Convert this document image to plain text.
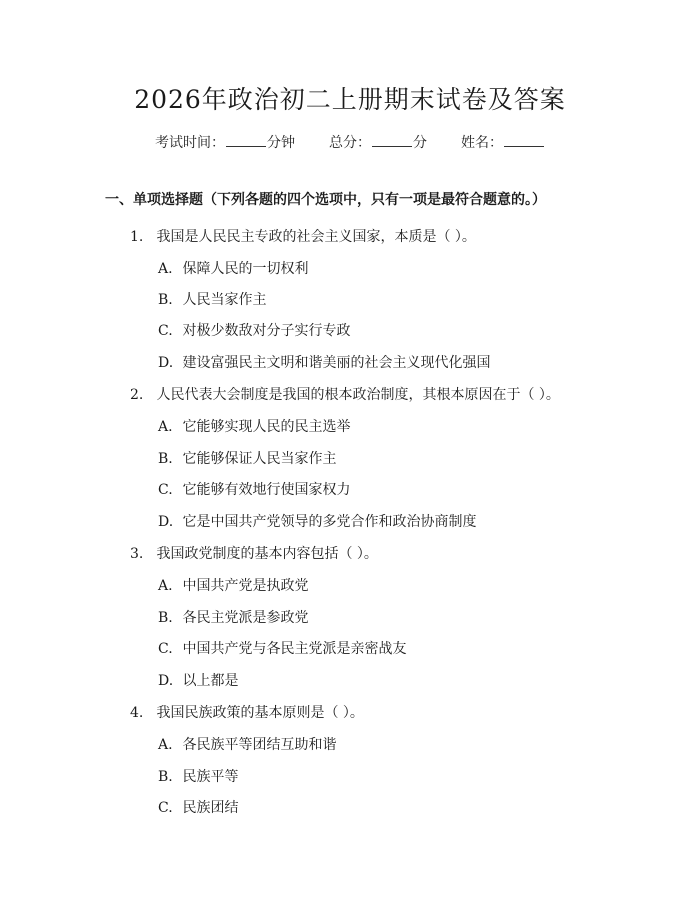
2026年政治初二上册期末试卷及答案
考试时间：	分钟 总分：	分 姓名：
一、单项选择题（下列各题的四个选项中，只有一项是最符合题意的。）
1. 我国是人民民主专政的社会主义国家，本质是（ ）。
A. 保障人民的一切权利
B. 人民当家作主
C. 对极少数敌对分子实行专政
D. 建设富强民主文明和谐美丽的社会主义现代化强国
2. 人民代表大会制度是我国的根本政治制度，其根本原因在于（ ）。
A. 它能够实现人民的民主选举
B. 它能够保证人民当家作主
C. 它能够有效地行使国家权力
D. 它是中国共产党领导的多党合作和政治协商制度
3. 我国政党制度的基本内容包括（ ）。
A. 中国共产党是执政党
B. 各民主党派是参政党
C. 中国共产党与各民主党派是亲密战友
D. 以上都是
4. 我国民族政策的基本原则是（ ）。
A. 各民族平等团结互助和谐
B. 民族平等
C. 民族团结
